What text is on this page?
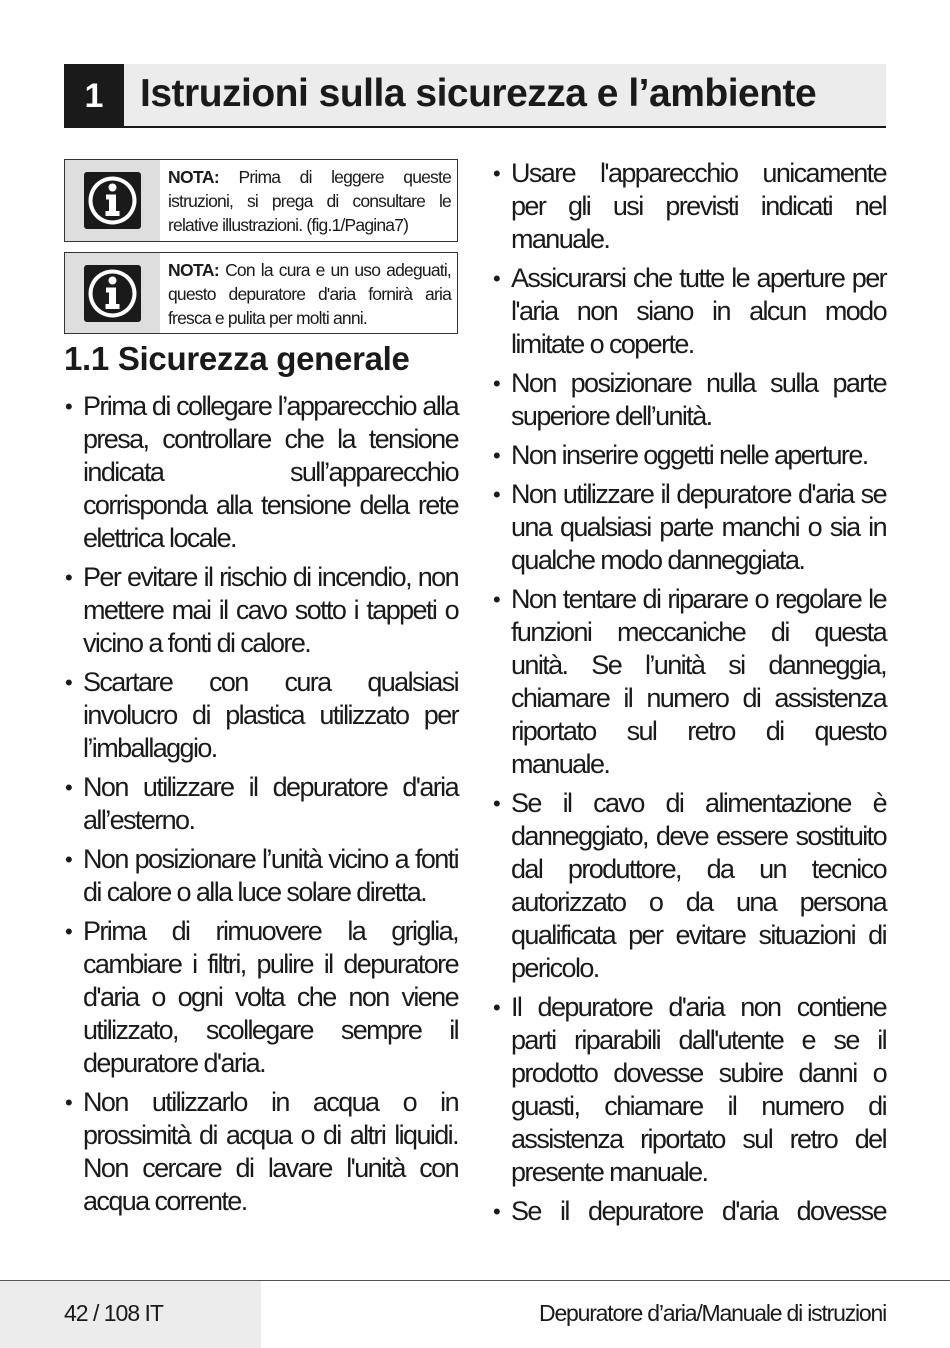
1 Istruzioni sulla sicurezza e l’ambiente
NOTA: Prima di leggere queste istruzioni, si prega di consultare le relative illustrazioni. (fig.1/Pagina7)
NOTA: Con la cura e un uso adeguati, questo depuratore d'aria fornirà aria fresca e pulita per molti anni.
1.1 Sicurezza generale
• Prima di collegare l’apparecchio alla presa, controllare che la tensione indicata sull’apparecchio corrisponda alla tensione della rete elettrica locale.
• Per evitare il rischio di incendio, non mettere mai il cavo sotto i tappeti o vicino a fonti di calore.
• Scartare con cura qualsiasi involucro di plastica utilizzato per l’imballaggio.
• Non utilizzare il depuratore d'aria all’esterno.
• Non posizionare l’unità vicino a fonti di calore o alla luce solare diretta.
• Prima di rimuovere la griglia, cambiare i filtri, pulire il depuratore d'aria o ogni volta che non viene utilizzato, scollegare sempre il depuratore d'aria.
• Non utilizzarlo in acqua o in prossimità di acqua o di altri liquidi. Non cercare di lavare l'unità con acqua corrente.
• Usare l'apparecchio unicamente per gli usi previsti indicati nel manuale.
• Assicurarsi che tutte le aperture per l'aria non siano in alcun modo limitate o coperte.
• Non posizionare nulla sulla parte superiore dell’unità.
• Non inserire oggetti nelle aperture.
• Non utilizzare il depuratore d'aria se una qualsiasi parte manchi o sia in qualche modo danneggiata.
• Non tentare di riparare o regolare le funzioni meccaniche di questa unità. Se l’unità si danneggia, chiamare il numero di assistenza riportato sul retro di questo manuale.
• Se il cavo di alimentazione è danneggiato, deve essere sostituito dal produttore, da un tecnico autorizzato o da una persona qualificata per evitare situazioni di pericolo.
• Il depuratore d'aria non contiene parti riparabili dall'utente e se il prodotto dovesse subire danni o guasti, chiamare il numero di assistenza riportato sul retro del presente manuale.
• Se il depuratore d'aria dovesse
42 / 108 IT	Depuratore d’aria/Manuale di istruzioni
